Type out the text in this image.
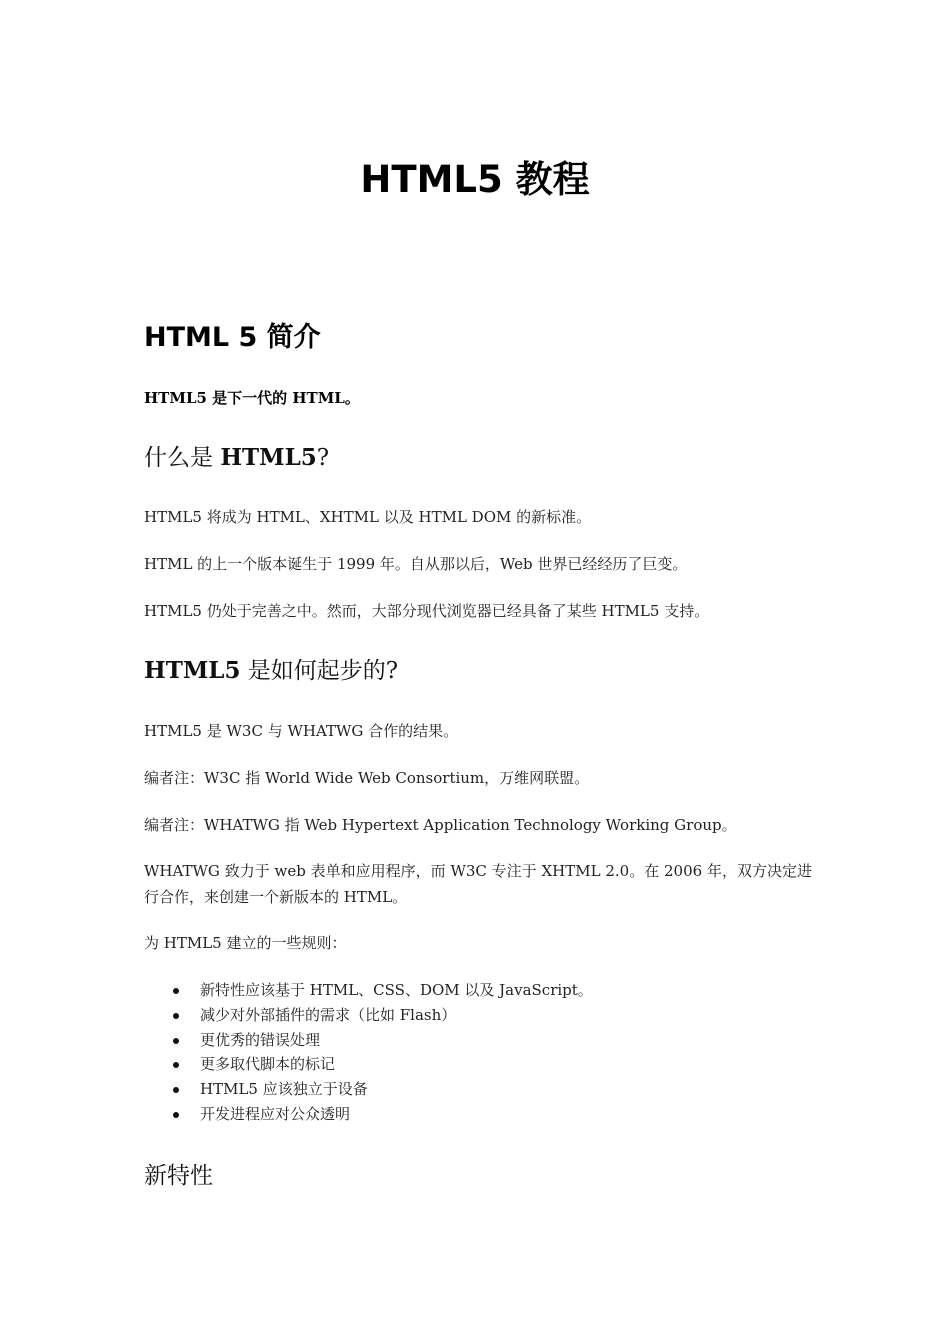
HTML5 教程
HTML 5 简介
HTML5 是下一代的 HTML。
什么是 HTML5?
HTML5 将成为 HTML、XHTML 以及 HTML DOM 的新标准。
HTML 的上一个版本诞生于 1999 年。自从那以后，Web 世界已经经历了巨变。
HTML5 仍处于完善之中。然而，大部分现代浏览器已经具备了某些 HTML5 支持。
HTML5 是如何起步的?
HTML5 是 W3C 与 WHATWG 合作的结果。
编者注：W3C 指 World Wide Web Consortium，万维网联盟。
编者注：WHATWG 指 Web Hypertext Application Technology Working Group。
WHATWG 致力于 web 表单和应用程序，而 W3C 专注于 XHTML 2.0。在 2006 年，双方决定进行合作，来创建一个新版本的 HTML。
为 HTML5 建立的一些规则：
新特性应该基于 HTML、CSS、DOM 以及 JavaScript。
减少对外部插件的需求（比如 Flash）
更优秀的错误处理
更多取代脚本的标记
HTML5 应该独立于设备
开发进程应对公众透明
新特性
